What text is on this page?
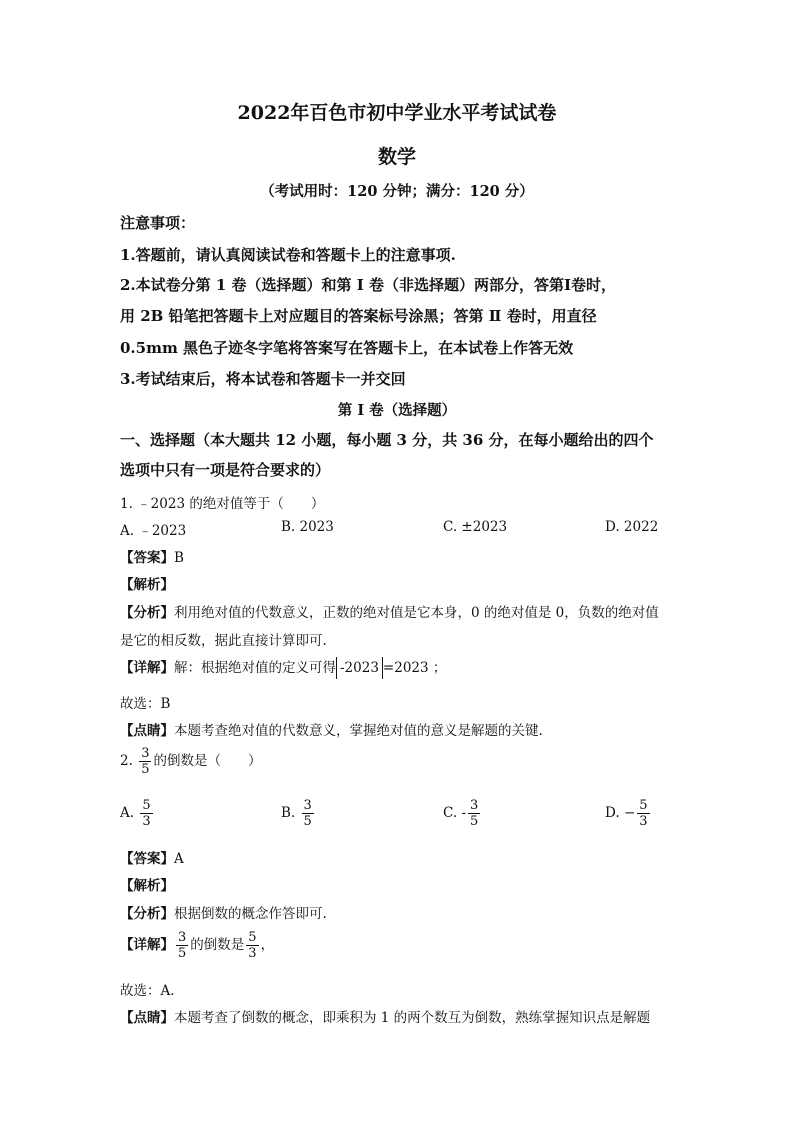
2022年百色市初中学业水平考试试卷
数学
（考试用时：120 分钟；满分：120 分）
注意事项：
1.答题前，请认真阅读试卷和答题卡上的注意事项.
2.本试卷分第 1 卷（选择题）和第 Ⅰ 卷（非选择题）两部分，答第Ⅰ卷时，
用 2B 铅笔把答题卡上对应题目的答案标号涂黑；答第 Ⅱ 卷时，用直径
0.5mm 黑色子迹冬字笔将答案写在答题卡上，在本试卷上作答无效
3.考试结束后，将本试卷和答题卡一并交回
第 Ⅰ 卷（选择题）
一、选择题（本大题共 12 小题，每小题 3 分，共 36 分，在每小题给出的四个
选项中只有一项是符合要求的）
1. ﹣2023 的绝对值等于（　　）
A. ﹣2023	B. 2023	C. ±2023	D. 2022
【答案】B
【解析】
【分析】利用绝对值的代数意义，正数的绝对值是它本身，0 的绝对值是 0，负数的绝对值
是它的相反数，据此直接计算即可.
【详解】解：根据绝对值的定义可得 -2023 =2023 ；
故选：B
【点睛】本题考查绝对值的代数意义，掌握绝对值的意义是解题的关键.
2. $\frac{3}{5}$ 的倒数是（　　）
A. $\frac{5}{3}$	B. $\frac{3}{5}$	C. - $\frac{3}{5}$	D. − $\frac{5}{3}$
【答案】A
【解析】
【分析】根据倒数的概念作答即可.
【详解】 $\frac{3}{5}$ 的倒数是 $\frac{5}{3}$ ，
故选：A.
【点睛】本题考查了倒数的概念，即乘积为 1 的两个数互为倒数，熟练掌握知识点是解题
